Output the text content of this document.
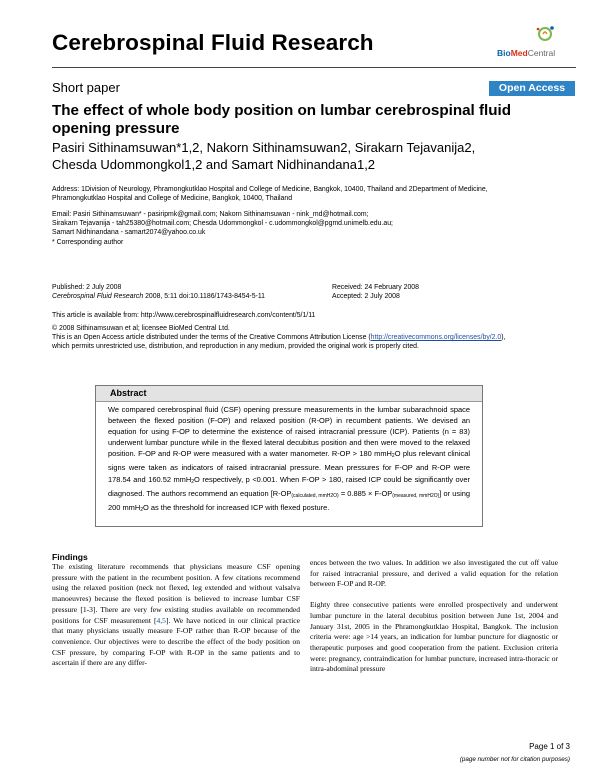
Cerebrospinal Fluid Research	BioMedCentral
Short paper	Open Access
The effect of whole body position on lumbar cerebrospinal fluid opening pressure
Pasiri Sithinamsuwan*1,2, Nakorn Sithinamsuwan2, Sirakarn Tejavanija2,
Chesda Udommongkol1,2 and Samart Nidhinandana1,2
Address: 1Division of Neurology, Phramongkutklao Hospital and College of Medicine, Bangkok, 10400, Thailand and 2Department of Medicine,
Phramongkutklao Hospital and College of Medicine, Bangkok, 10400, Thailand
Email: Pasiri Sithinamsuwan* - pasiripmk@gmail.com; Nakorn Sithinamsuwan - nink_md@hotmail.com;
Sirakarn Tejavanija - tah25380@hotmail.com; Chesda Udommongkol - c.udommongkol@pgmd.unimelb.edu.au;
Samart Nidhinandana - samart2074@yahoo.co.uk
* Corresponding author
Published: 2 July 2008
Cerebrospinal Fluid Research 2008, 5:11 doi:10.1186/1743-8454-5-11
Received: 24 February 2008
Accepted: 2 July 2008
This article is available from: http://www.cerebrospinalfluidresearch.com/content/5/1/11
© 2008 Sithinamsuwan et al; licensee BioMed Central Ltd.
This is an Open Access article distributed under the terms of the Creative Commons Attribution License (http://creativecommons.org/licenses/by/2.0),
which permits unrestricted use, distribution, and reproduction in any medium, provided the original work is properly cited.
Abstract
We compared cerebrospinal fluid (CSF) opening pressure measurements in the lumbar subarachnoid space between the flexed position (F-OP) and relaxed position (R-OP) in recumbent patients. We devised an equation for using F-OP to determine the existence of raised intracranial pressure (ICP). Patients (n = 83) underwent lumbar puncture while in the flexed lateral decubitus position and then were moved to the relaxed position. F-OP and R-OP were measured with a water manometer. R-OP > 180 mmH$_2$O plus relevant clinical signs were taken as indicators of raised intracranial pressure. Mean pressures for F-OP and R-OP were 178.54 and 160.52 mmH$_2$O respectively, p <0.001. When F-OP > 180, raised ICP could be significantly over diagnosed. The authors recommend an equation $[R-OP_{(calculated, mmH2O)} = 0.885 \times F-OP_{(measured, mmH2O)}]$ or using 200 mmH$_2$O as the threshold for increased ICP with flexed posture.
Findings
The existing literature recommends that physicians measure CSF opening pressure with the patient in the recumbent position. A few citations recommend using the relaxed position (neck not flexed, leg extended and without valsalva manoeuvres) because the flexed position is believed to increase lumbar CSF pressure [1-3]. There are very few existing studies available on recommended positions for CSF measurement [4,5]. We have noticed in our clinical practice that many physicians usually measure F-OP rather than R-OP because of the convenience. Our objectives were to describe the effect of the body position on CSF pressure, by comparing F-OP with R-OP in the same patients and to ascertain if there are any differ-
ences between the two values. In addition we also investigated the cut off value for raised intracranial pressure, and derived a valid equation for the relation between F-OP and R-OP.
Eighty three consecutive patients were enrolled prospectively and underwent lumbar puncture in the lateral decubitus position between June 1st, 2004 and January 31st, 2005 in the Phramongkutklao Hospital, Bangkok. The inclusion criteria were: age >14 years, an indication for lumbar puncture for diagnostic or therapeutic purposes and good cooperation from the patient. Exclusion criteria were: pregnancy, contraindication for lumbar puncture, increased intra-thoracic or intra-abdominal pressure
Page 1 of 3
(page number not for citation purposes)
